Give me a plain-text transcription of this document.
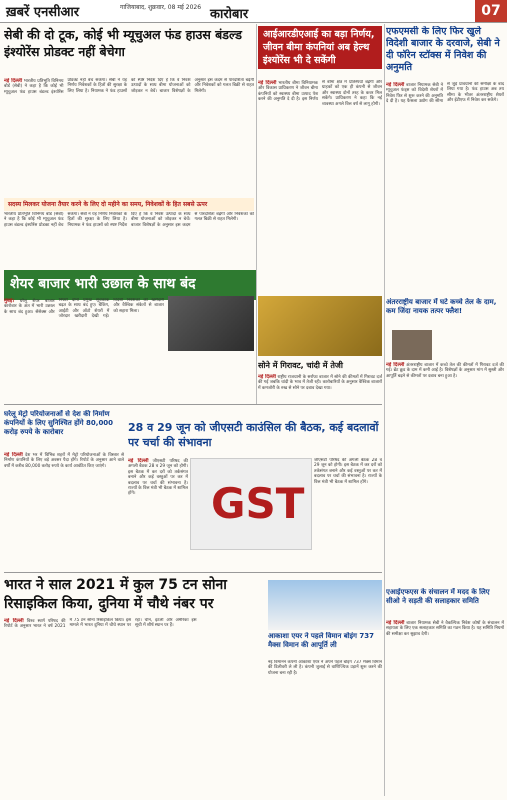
ख़बरें एनसीआर	गाजियाबाद, शुक्रवार, 08 मई 2026 कारोबार	07
सेबी की दो टूक, कोई भी म्यूचुअल फंड हाउस बंडल्ड इंश्योरेंस प्रोडक्ट नहीं बेचेगा
नई दिल्ली भारतीय प्रतिभूति विनिमय बोर्ड (सेबी) ने कहा है कि कोई भी म्यूचुअल फंड हाउस बंडल्ड इंश्योरेंस प्रोडक्ट नहीं बेच सकेगा। सेबी ने यह निर्णय निवेशकों के हितों की सुरक्षा के लिए लिया है। नियामक ने फंड हाउसों को स्पष्ट निर्देश दिए हैं कि वे निवेश उत्पादों के साथ बीमा योजनाओं को जोड़कर न बेचें। बाजार विशेषज्ञों के अनुसार इस कदम से पारदर्शिता बढ़ेगी और निवेशकों को गलत बिक्री से राहत मिलेगी।
सदस्य मिलकर योजना तैयार करने के लिए दो महीने का समय, निवेशकों के हित सबसे ऊपर
भारतीय प्रतिभूति विनिमय बोर्ड (सेबी) ने कहा है कि कोई भी म्यूचुअल फंड हाउस बंडल्ड इंश्योरेंस प्रोडक्ट नहीं बेच सकेगा। सेबी ने यह निर्णय निवेशकों के हितों की सुरक्षा के लिए लिया है। नियामक ने फंड हाउसों को स्पष्ट निर्देश दिए हैं कि वे निवेश उत्पादों के साथ बीमा योजनाओं को जोड़कर न बेचें। बाजार विशेषज्ञों के अनुसार इस कदम से पारदर्शिता बढ़ेगी और निवेशकों को गलत बिक्री से राहत मिलेगी।
आईआरडीएआई का बड़ा निर्णय, जीवन बीमा कंपनियां अब हेल्थ इंश्योरेंस भी दे सकेंगी
नई दिल्ली भारतीय बीमा विनियामक और विकास प्राधिकरण ने जीवन बीमा कंपनियों को स्वास्थ्य बीमा उत्पाद पेश करने की अनुमति दे दी है। इस निर्णय से बीमा क्षेत्र में प्रतिस्पर्धा बढ़ेगी और ग्राहकों को एक ही कंपनी से जीवन और स्वास्थ्य दोनों तरह के कवर मिल सकेंगे। प्राधिकरण ने कहा कि नई व्यवस्था अगले वित्त वर्ष से लागू होगी।
एफएमसी के लिए फिर खुले विदेशी बाजार के दरवाजे, सेबी ने दी फॉरेन स्टॉक्स में निवेश की अनुमति
नई दिल्ली बाजार नियामक सेबी ने म्यूचुअल फंड्स को विदेशी शेयरों में निवेश फिर से शुरू करने की अनुमति दे दी है। यह फैसला उद्योग की सीमा से जुड़े प्रावधानों की समीक्षा के बाद लिया गया है। फंड हाउस अब तय सीमा के भीतर अंतरराष्ट्रीय शेयरों और ईटीएफ में निवेश कर सकेंगे।
अंतरराष्ट्रीय बाजार में घटे कच्चे तेल के दाम, कम जिंदा नायक तत्पर फ्लैश!
नई दिल्ली अंतरराष्ट्रीय बाजार में कच्चे तेल की कीमतों में गिरावट दर्ज की गई। ब्रेंट क्रूड के दाम में कमी आई है। विशेषज्ञों के अनुसार मांग में सुस्ती और आपूर्ति बढ़ने से कीमतों पर दबाव बना हुआ है।
शेयर बाजार भारी उछाल के साथ बंद
मुंबई। घरेलू शेयर बाजार कारोबार के अंत में भारी उछाल के साथ बंद हुआ। सेंसेक्स और निफ्टी दोनों प्रमुख सूचकांक बढ़त के साथ बंद हुए। बैंकिंग, आईटी और ऑटो शेयरों में जोरदार खरीदारी देखी गई। विदेशी निवेशकों की खरीदारी और वैश्विक संकेतों से बाजार को सहारा मिला।
सोने में गिरावट, चांदी में तेजी
नई दिल्ली राष्ट्रीय राजधानी के सर्राफा बाजार में सोने की कीमतों में गिरावट दर्ज की गई जबकि चांदी के भाव में तेजी रही। कारोबारियों के अनुसार वैश्विक बाजारों में कमजोरी के रुख से सोने पर दबाव देखा गया।
घरेलू मेट्रो परियोजनाओं से देश की निर्माण कंपनियों के लिए सुनिश्चित होंगे 80,000 करोड़ रुपये के कारोबार
नई दिल्ली देश भर में विभिन्न शहरों में मेट्रो परियोजनाओं के विस्तार से निर्माण कंपनियों के लिए बड़े अवसर पैदा होंगे। रिपोर्ट के अनुसार आने वाले वर्षों में करीब 80,000 करोड़ रुपये के कार्य आवंटित किए जाएंगे।
28 व 29 जून को जीएसटी काउंसिल की बैठक, कई बदलावों पर चर्चा की संभावना
नई दिल्ली जीएसटी परिषद की अगली बैठक 28 व 29 जून को होगी। इस बैठक में कर दरों को तर्कसंगत बनाने और कई वस्तुओं पर कर में बदलाव पर चर्चा की संभावना है। राज्यों के वित्त मंत्री भी बैठक में शामिल होंगे।	GST
जीएसटी परिषद की अगली बैठक 28 व 29 जून को होगी। इस बैठक में कर दरों को तर्कसंगत बनाने और कई वस्तुओं पर कर में बदलाव पर चर्चा की संभावना है। राज्यों के वित्त मंत्री भी बैठक में शामिल होंगे।
भारत ने साल 2021 में कुल 75 टन सोना रिसाइकिल किया, दुनिया में चौथे नंबर पर
नई दिल्ली विश्व स्वर्ण परिषद की रिपोर्ट के अनुसार भारत ने वर्ष 2021 में 75 टन सोना रिसाइकिल किया। इस मामले में भारत दुनिया में चौथे स्थान पर रहा। चीन, इटली और अमेरिका इस सूची में शीर्ष स्थान पर हैं।
आकाशा एयर ने पहले विमान बोइंग 737 मैक्स विमान की आपूर्ति ली
नई विमानन कंपनी आकाशा एयर ने अपने पहले बोइंग 737 मैक्स विमान की डिलीवरी ले ली है। कंपनी जुलाई से वाणिज्यिक उड़ानें शुरू करने की योजना बना रही है।
एआईएफएस के संचालन में मदद के लिए सीओ ने सड़ती की सलाहकार समिति
नई दिल्ली बाजार नियामक सेबी ने वैकल्पिक निवेश कोषों के संचालन में सहायता के लिए एक सलाहकार समिति का गठन किया है। यह समिति नियमों की समीक्षा कर सुझाव देगी।
